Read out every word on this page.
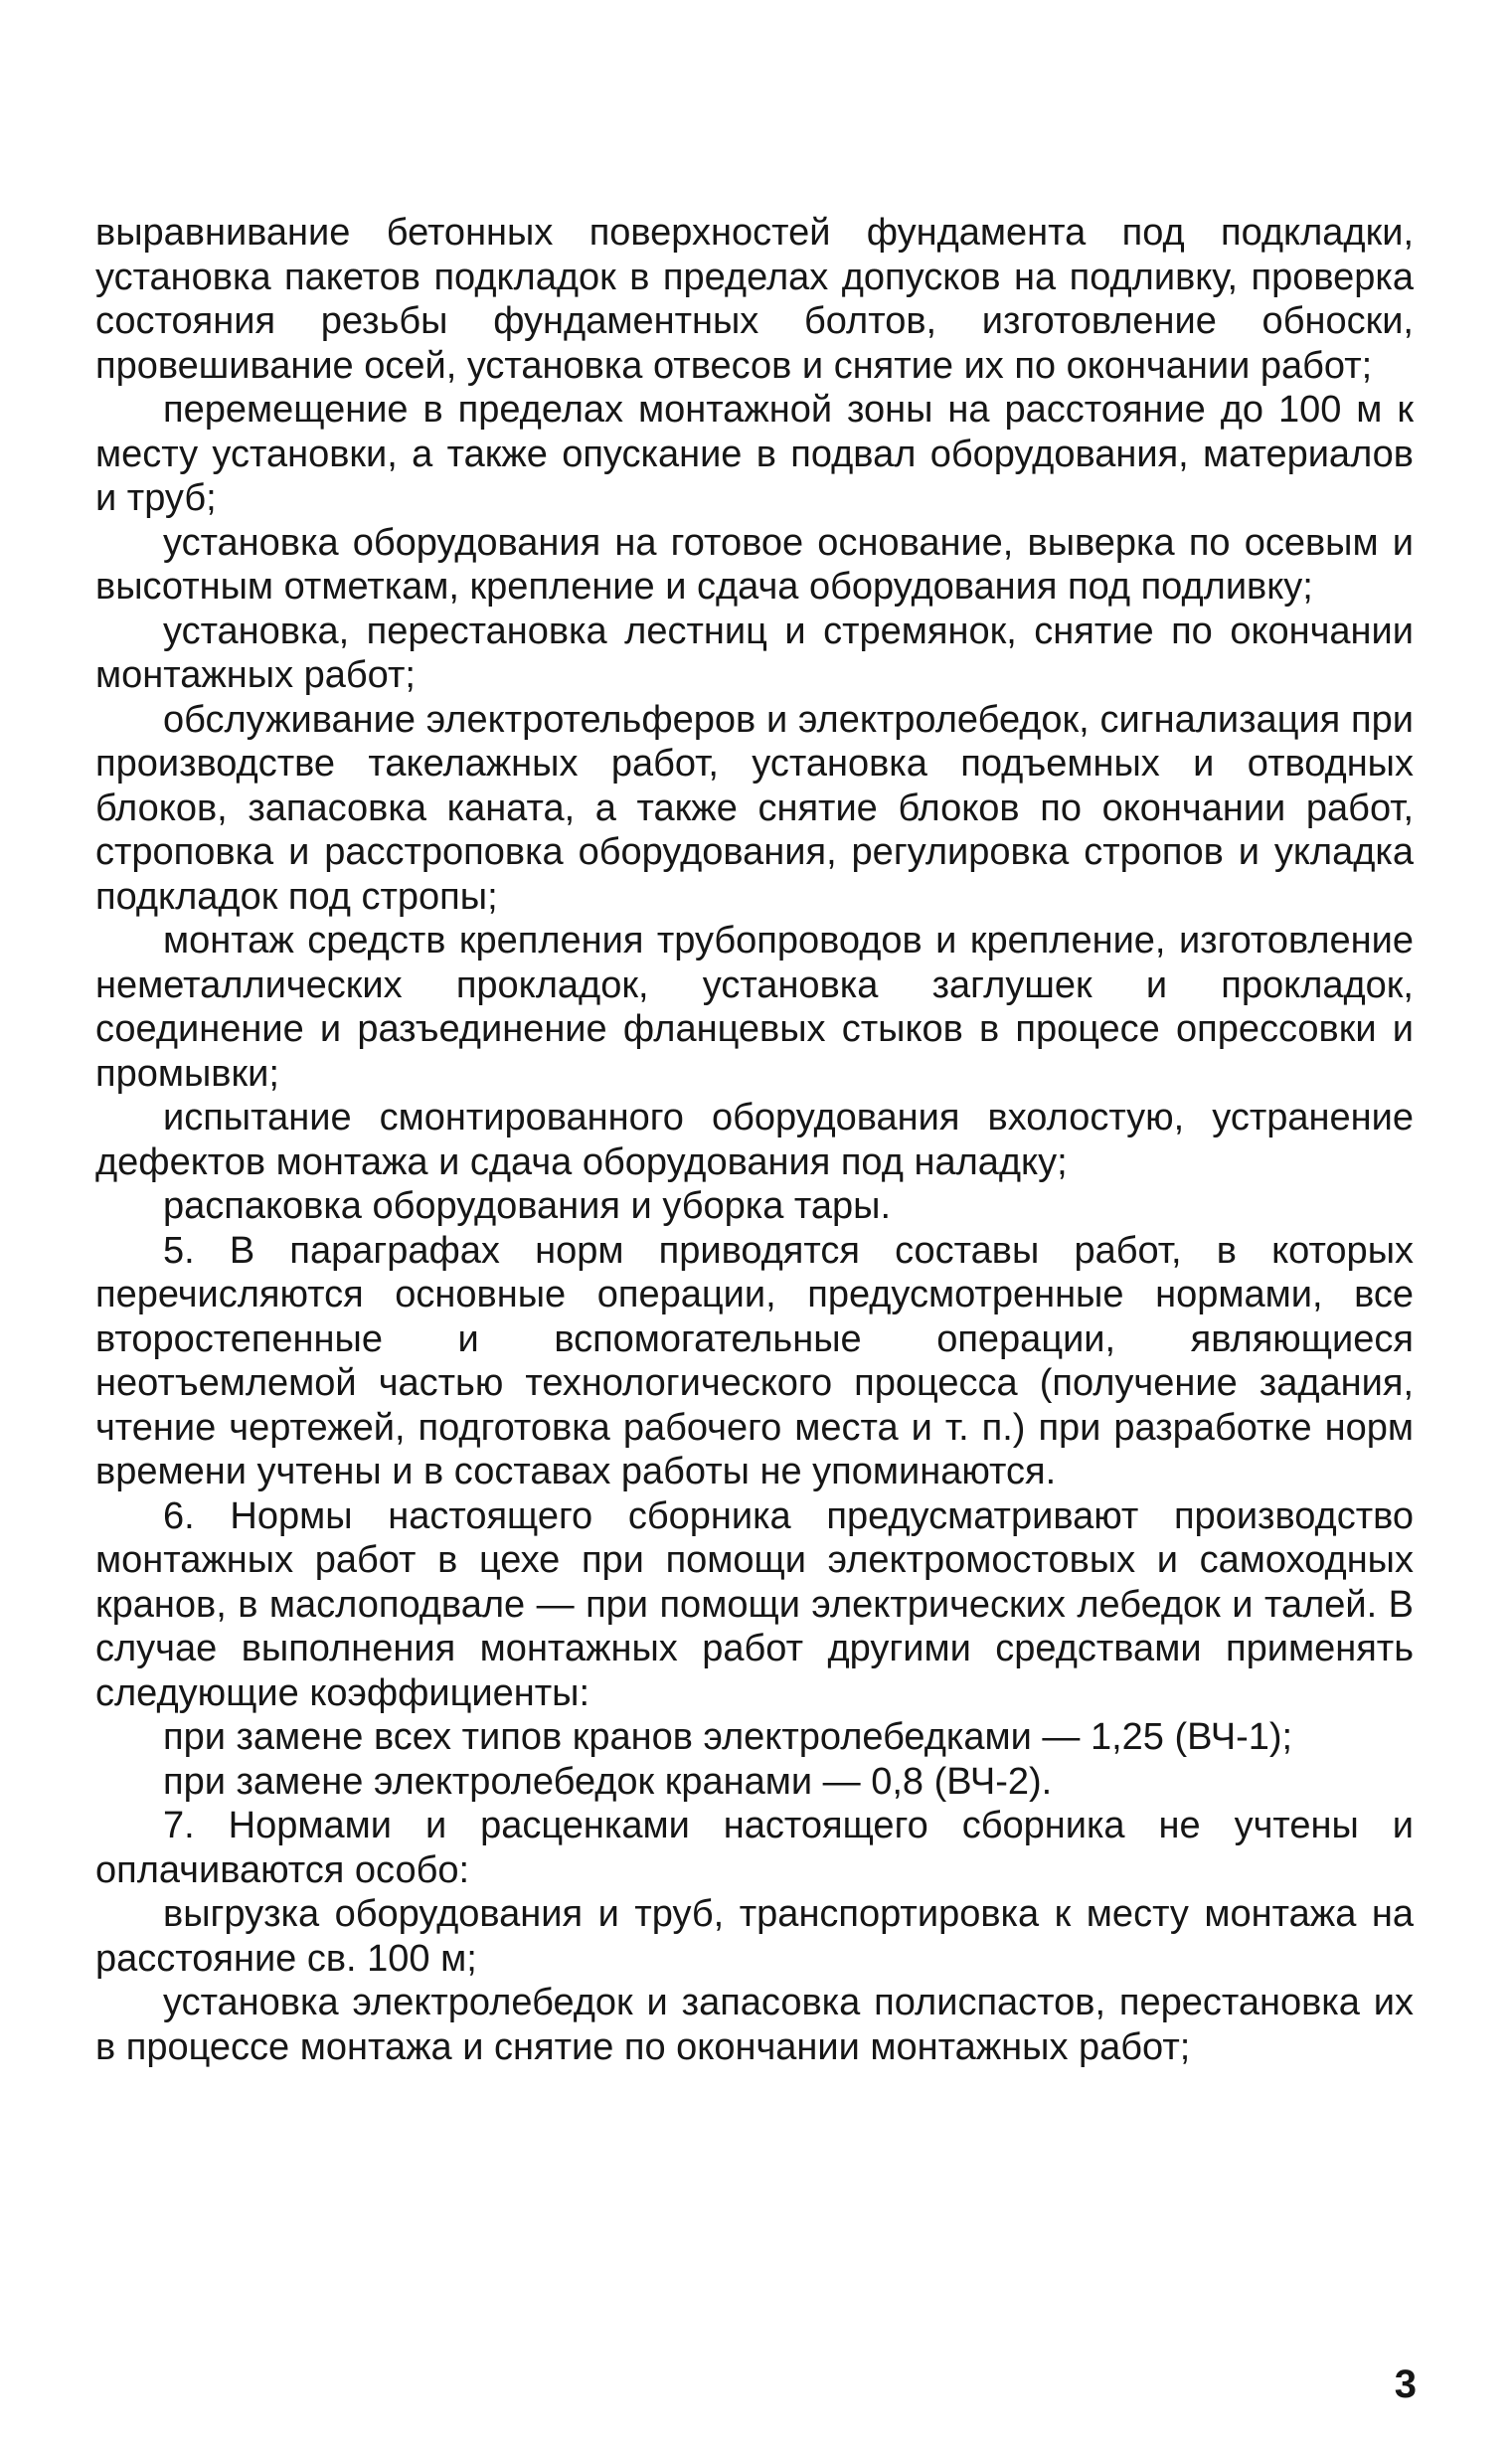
выравнивание бетонных поверхностей фундамента под подкладки, установка пакетов подкладок в пределах допусков на подливку, проверка состояния резьбы фундаментных болтов, изготовление обноски, провешивание осей, установка отвесов и снятие их по окончании работ;

перемещение в пределах монтажной зоны на расстояние до 100 м к месту установки, а также опускание в подвал оборудования, материалов и труб;

установка оборудования на готовое основание, выверка по осевым и высотным отметкам, крепление и сдача оборудования под подливку;

установка, перестановка лестниц и стремянок, снятие по окончании монтажных работ;

обслуживание электротельферов и электролебедок, сигнализация при производстве такелажных работ, установка подъемных и отводных блоков, запасовка каната, а также снятие блоков по окончании работ, строповка и расстроповка оборудования, регулировка стропов и укладка подкладок под стропы;

монтаж средств крепления трубопроводов и крепление, изготовление неметаллических прокладок, установка заглушек и прокладок, соединение и разъединение фланцевых стыков в процесе опрессовки и промывки;

испытание смонтированного оборудования вхолостую, устранение дефектов монтажа и сдача оборудования под наладку;

распаковка оборудования и уборка тары.

5. В параграфах норм приводятся составы работ, в которых перечисляются основные операции, предусмотренные нормами, все второстепенные и вспомогательные операции, являющиеся неотъемлемой частью технологического процесса (получение задания, чтение чертежей, подготовка рабочего места и т. п.) при разработке норм времени учтены и в составах работы не упоминаются.

6. Нормы настоящего сборника предусматривают производство монтажных работ в цехе при помощи электромостовых и самоходных кранов, в маслоподвале — при помощи электрических лебедок и талей. В случае выполнения монтажных работ другими средствами применять следующие коэффициенты:

при замене всех типов кранов электролебедками — 1,25 (ВЧ-1);

при замене электролебедок кранами — 0,8 (ВЧ-2).

7. Нормами и расценками настоящего сборника не учтены и оплачиваются особо:

выгрузка оборудования и труб, транспортировка к месту монтажа на расстояние св. 100 м;

установка электролебедок и запасовка полиспастов, перестановка их в процессе монтажа и снятие по окончании монтажных работ;

3
